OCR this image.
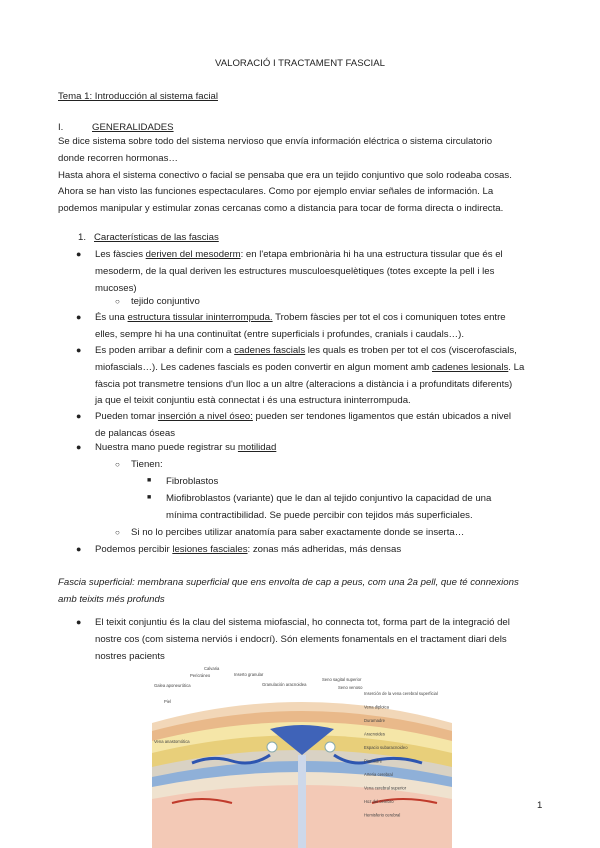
VALORACIÓ I TRACTAMENT FASCIAL
Tema 1: Introducción al sistema facial
I.	GENERALIDADES
Se dice sistema sobre todo del sistema nervioso que envía información eléctrica o sistema circulatorio
donde recorren hormonas…
Hasta ahora el sistema conectivo o facial se pensaba que era un tejido conjuntivo que solo rodeaba cosas.
Ahora se han visto las funciones espectaculares. Como por ejemplo enviar señales de información. La
podemos manipular y estimular zonas cercanas como a distancia para tocar de forma directa o indirecta.
1. Características de las fascias
● Les fàscies deriven del mesoderm: en l'etapa embrionària hi ha una estructura tissular que és el
mesoderm, de la qual deriven les estructures musculoesquelètiques (totes excepte la pell i les
mucoses)
○ tejido conjuntivo
● És una estructura tissular ininterrompuda. Trobem fàscies per tot el cos i comuniquen totes entre
elles, sempre hi ha una continuïtat (entre superficials i profundes, cranials i caudals…).
● Es poden arribar a definir com a cadenes fascials les quals es troben per tot el cos (viscerofascials,
miofascials…). Les cadenes fascials es poden convertir en algun moment amb cadenes lesionals. La
fàscia pot transmetre tensions d'un lloc a un altre (alteracions a distància i a profunditats diferents)
ja que el teixit conjuntiu està connectat i és una estructura ininterrompuda.
● Pueden tomar inserción a nivel óseo: pueden ser tendones ligamentos que están ubicados a nivel
de palancas óseas
● Nuestra mano puede registrar su motilidad
○ Tienen:
■ Fibroblastos
■ Miofibroblastos (variante) que le dan al tejido conjuntivo la capacidad de una
mínima contractibilidad. Se puede percibir con tejidos más superficiales.
○ Si no lo percibes utilizar anatomía para saber exactamente donde se inserta…
● Podemos percibir lesiones fasciales: zonas más adheridas, más densas
Fascia superficial: membrana superficial que ens envolta de cap a peus, com una 2a pell, que té connexions
amb teixits més profunds
● El teixit conjuntiu és la clau del sistema miofascial, ho connecta tot, forma part de la integració del
nostre cos (com sistema nerviós i endocrí). Són elements fonamentals en el tractament diari dels
nostres pacients
Calvaria
Pericráneo
Galea aponeurótica
Piel
Vena anastomótica
Inserto granular
Granulación aracnoidea
Seno sagital superior
Seno venoso
Inserción de la vena cerebral superficial
Vena diploica
Duramadre
Aracnoides
Espacio subaracnoideo
Piamadre
Arteria cerebral
Vena cerebral superior
Hoz del cerebro
Hemisferio cerebral
1
